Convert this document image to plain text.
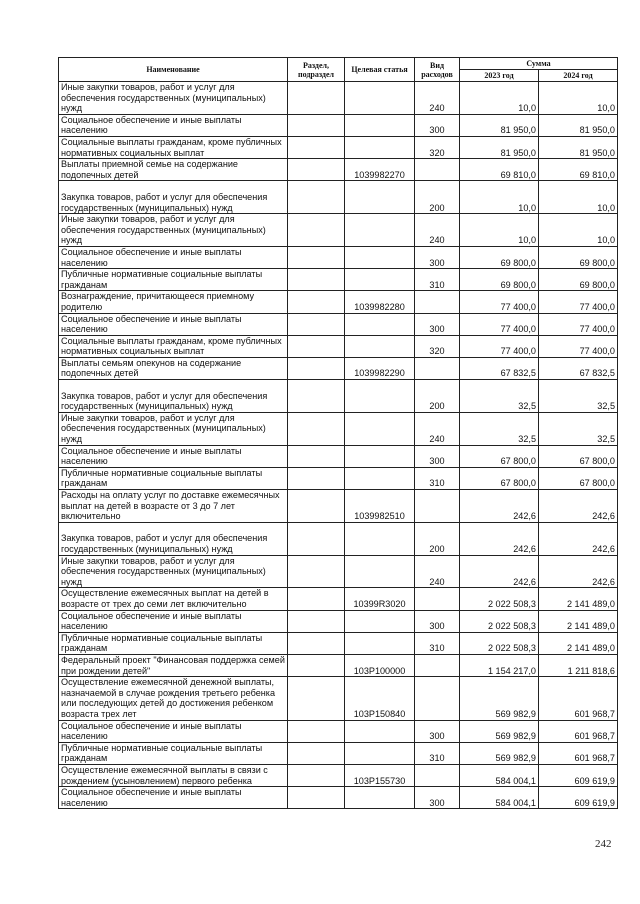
Наименование	Раздел, подраздел	Целевая статья	Вид расходов	Сумма	
				2023 год	2024 год
Иные закупки товаров, работ и услуг для обеспечения государственных (муниципальных) нужд			240	10,0	10,0
Социальное обеспечение и иные выплаты населению			300	81 950,0	81 950,0
Социальные выплаты гражданам, кроме публичных нормативных социальных выплат			320	81 950,0	81 950,0
Выплаты приемной семье на содержание подопечных детей		1039982270		69 810,0	69 810,0
Закупка товаров, работ и услуг для обеспечения государственных (муниципальных) нужд			200	10,0	10,0
Иные закупки товаров, работ и услуг для обеспечения государственных (муниципальных) нужд			240	10,0	10,0
Социальное обеспечение и иные выплаты населению			300	69 800,0	69 800,0
Публичные нормативные социальные выплаты гражданам			310	69 800,0	69 800,0
Вознаграждение, причитающееся приемному родителю		1039982280		77 400,0	77 400,0
Социальное обеспечение и иные выплаты населению			300	77 400,0	77 400,0
Социальные выплаты гражданам, кроме публичных нормативных социальных выплат			320	77 400,0	77 400,0
Выплаты семьям опекунов на содержание подопечных детей		1039982290		67 832,5	67 832,5
Закупка товаров, работ и услуг для обеспечения государственных (муниципальных) нужд			200	32,5	32,5
Иные закупки товаров, работ и услуг для обеспечения государственных (муниципальных) нужд			240	32,5	32,5
Социальное обеспечение и иные выплаты населению			300	67 800,0	67 800,0
Публичные нормативные социальные выплаты гражданам			310	67 800,0	67 800,0
Расходы на оплату услуг по доставке ежемесячных выплат на детей в возрасте от 3 до 7 лет включительно		1039982510		242,6	242,6
Закупка товаров, работ и услуг для обеспечения государственных (муниципальных) нужд			200	242,6	242,6
Иные закупки товаров, работ и услуг для обеспечения государственных (муниципальных) нужд			240	242,6	242,6
Осуществление ежемесячных выплат на детей в возрасте от трех до семи лет включительно		10399R3020		2 022 508,3	2 141 489,0
Социальное обеспечение и иные выплаты населению			300	2 022 508,3	2 141 489,0
Публичные нормативные социальные выплаты гражданам			310	2 022 508,3	2 141 489,0
Федеральный проект "Финансовая поддержка семей при рождении детей"		103P100000		1 154 217,0	1 211 818,6
Осуществление ежемесячной денежной выплаты, назначаемой в случае рождения третьего ребенка или последующих детей до достижения ребенком возраста трех лет		103P150840		569 982,9	601 968,7
Социальное обеспечение и иные выплаты населению			300	569 982,9	601 968,7
Публичные нормативные социальные выплаты гражданам			310	569 982,9	601 968,7
Осуществление ежемесячной выплаты в связи с рождением (усыновлением) первого ребенка		103P155730		584 004,1	609 619,9
Социальное обеспечение и иные выплаты населению			300	584 004,1	609 619,9
242
